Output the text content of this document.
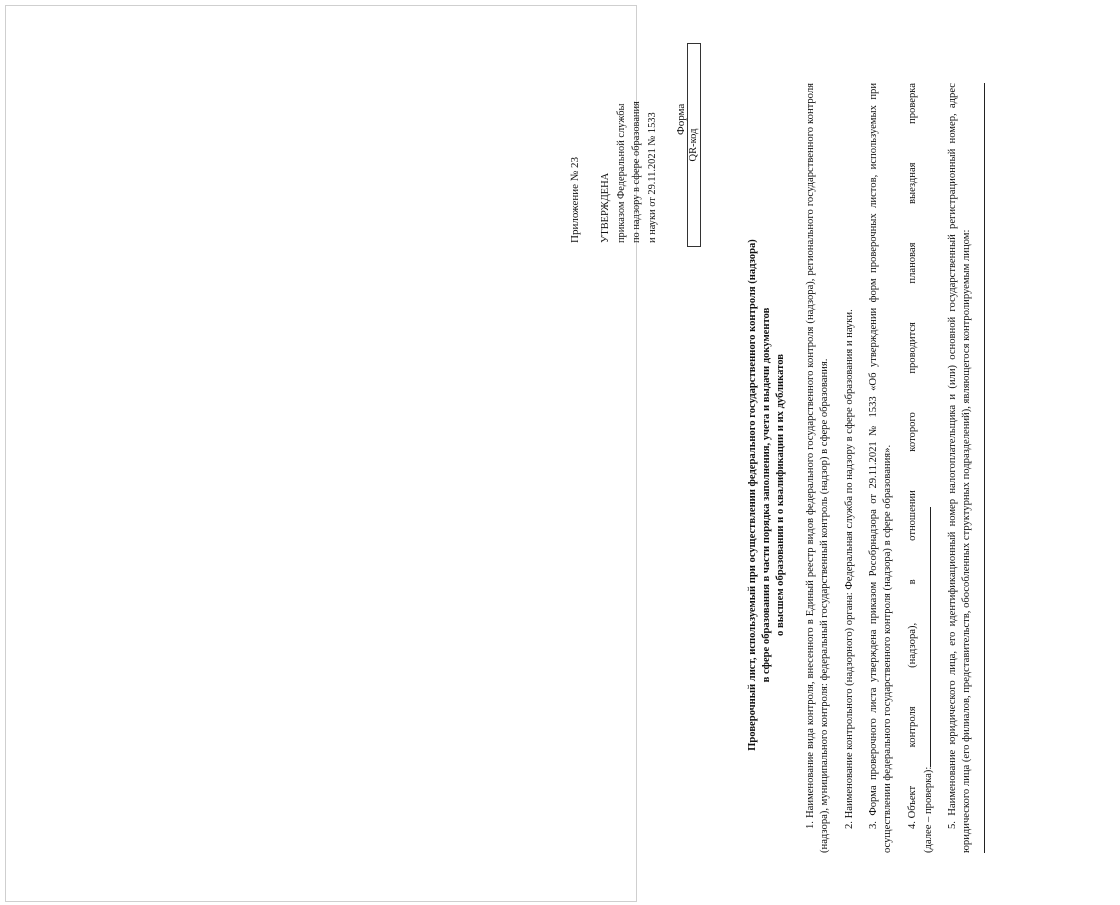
Приложение № 23 УТВЕРЖДЕНА приказом Федеральной службы по надзору в сфере образования и науки от 29.11.2021 № 1533 Форма
QR-код
Проверочный лист, используемый при осуществлении федерального государственного контроля (надзора) в сфере образования в части порядка заполнения, учета и выдачи документов о высшем образовании и о квалификации и их дубликатов 1. Наименование вида контроля, внесенного в Единый реестр видов федерального государственного контроля (надзора), регионального государственного контроля (надзора), муниципального контроля: федеральный государственный контроль (надзор) в сфере образования. 2. Наименование контрольного (надзорного) органа: Федеральная служба по надзору в сфере образования и науки. 3. Форма проверочного листа утверждена приказом Рособрнадзора от 29.11.2021 № 1533 «Об утверждении форм проверочных листов, используемых при осуществлении федерального государственного контроля (надзора) в сфере образования». 4. Объект
контроля
(надзора),
в
отношении
которого
проводится
плановая
выездная
проверка
(далее – проверка): 5. Наименование юридического лица, его идентификационный номер налогоплательщика и (или) основной государственный регистрационный номер, адрес юридического лица (его филиалов, представительств, обособленных структурных подразделений), являющегося контролируемым лицом:
